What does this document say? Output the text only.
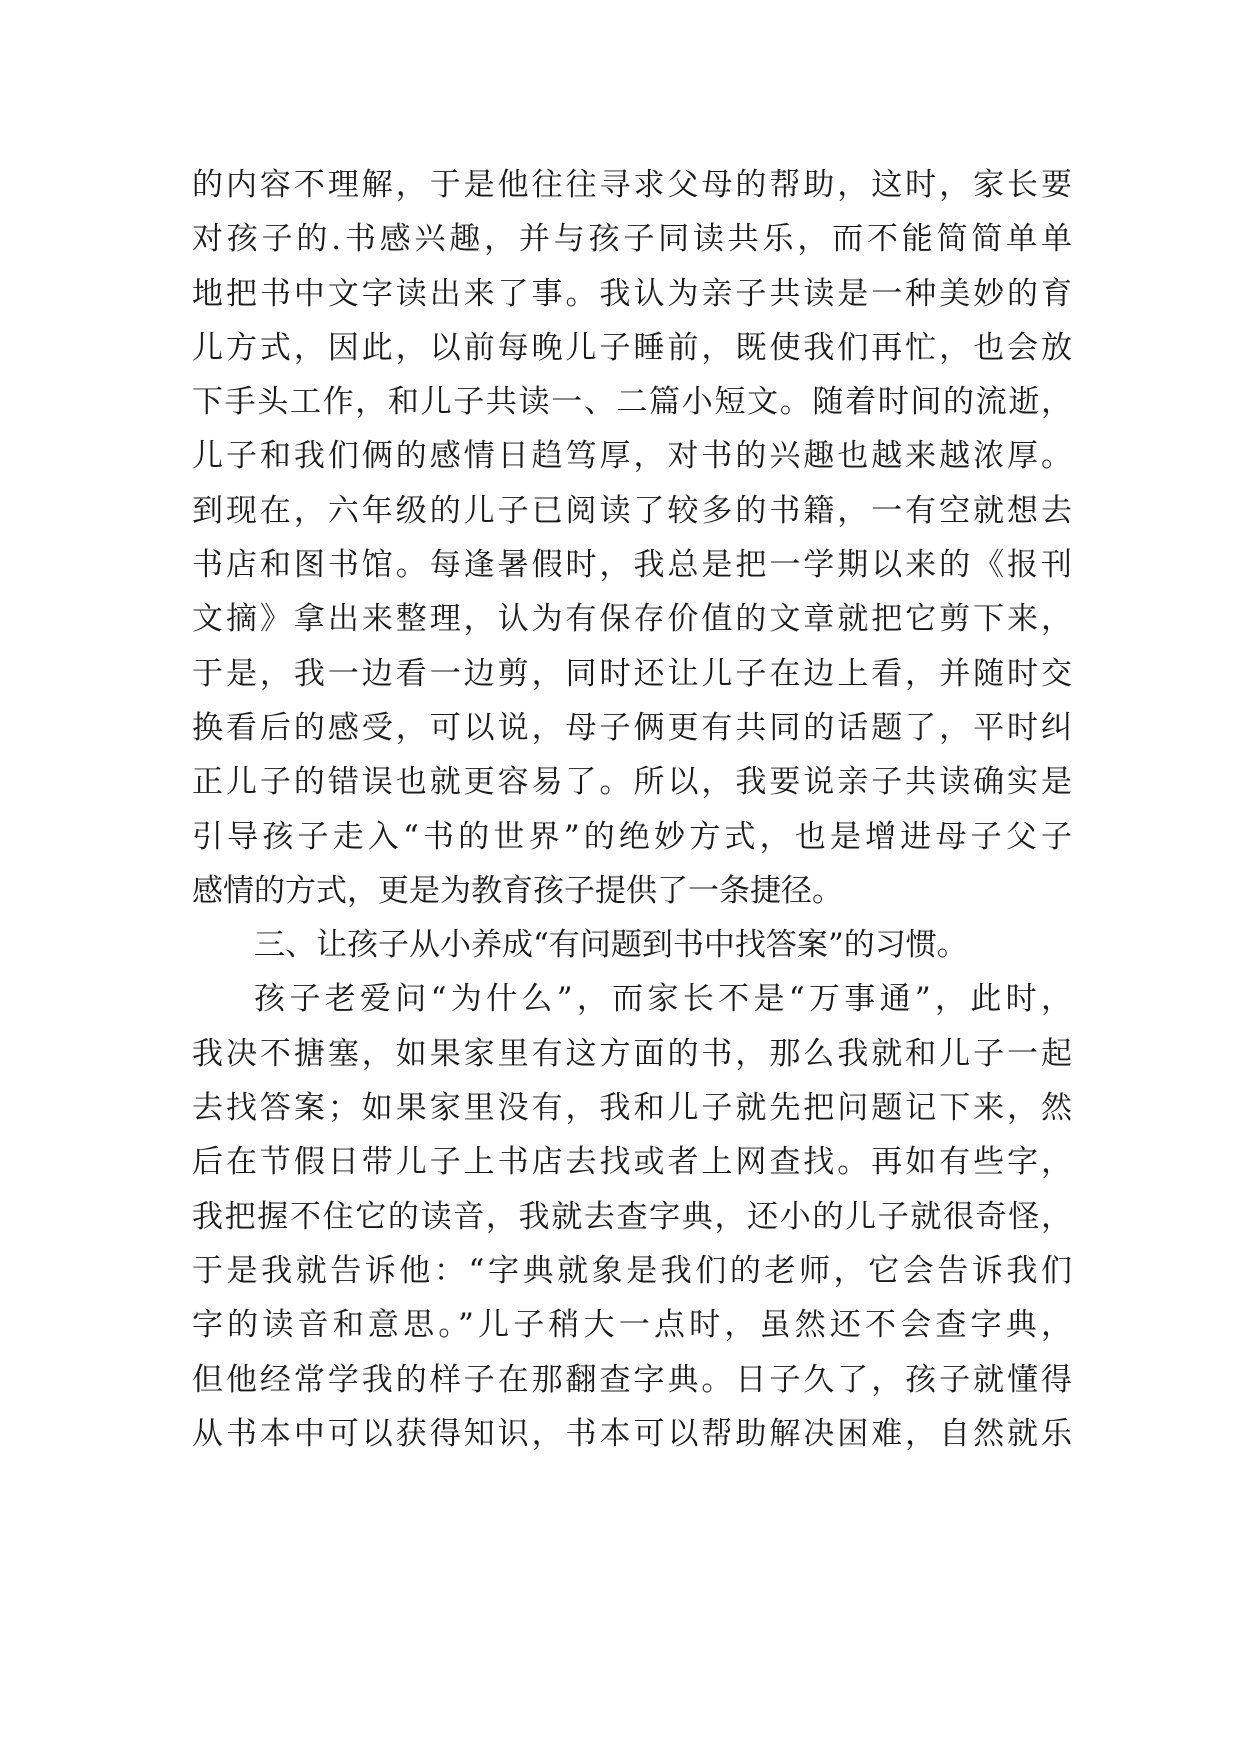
的内容不理解，于是他往往寻求父母的帮助，这时，家长要
对孩子的.书感兴趣，并与孩子同读共乐，而不能简简单单
地把书中文字读出来了事。我认为亲子共读是一种美妙的育
儿方式，因此，以前每晚儿子睡前，既使我们再忙，也会放
下手头工作，和儿子共读一、二篇小短文。随着时间的流逝，
儿子和我们俩的感情日趋笃厚，对书的兴趣也越来越浓厚。
到现在，六年级的儿子已阅读了较多的书籍，一有空就想去
书店和图书馆。每逢暑假时，我总是把一学期以来的《报刊
文摘》拿出来整理，认为有保存价值的文章就把它剪下来，
于是，我一边看一边剪，同时还让儿子在边上看，并随时交
换看后的感受，可以说，母子俩更有共同的话题了，平时纠
正儿子的错误也就更容易了。所以，我要说亲子共读确实是
引导孩子走入“书的世界”的绝妙方式，也是增进母子父子
感情的方式，更是为教育孩子提供了一条捷径。
三、让孩子从小养成“有问题到书中找答案”的习惯。
孩子老爱问“为什么”，而家长不是“万事通”，此时，
我决不搪塞，如果家里有这方面的书，那么我就和儿子一起
去找答案；如果家里没有，我和儿子就先把问题记下来，然
后在节假日带儿子上书店去找或者上网查找。再如有些字，
我把握不住它的读音，我就去查字典，还小的儿子就很奇怪，
于是我就告诉他：“字典就象是我们的老师，它会告诉我们
字的读音和意思。”儿子稍大一点时，虽然还不会查字典，
但他经常学我的样子在那翻查字典。日子久了，孩子就懂得
从书本中可以获得知识，书本可以帮助解决困难，自然就乐
